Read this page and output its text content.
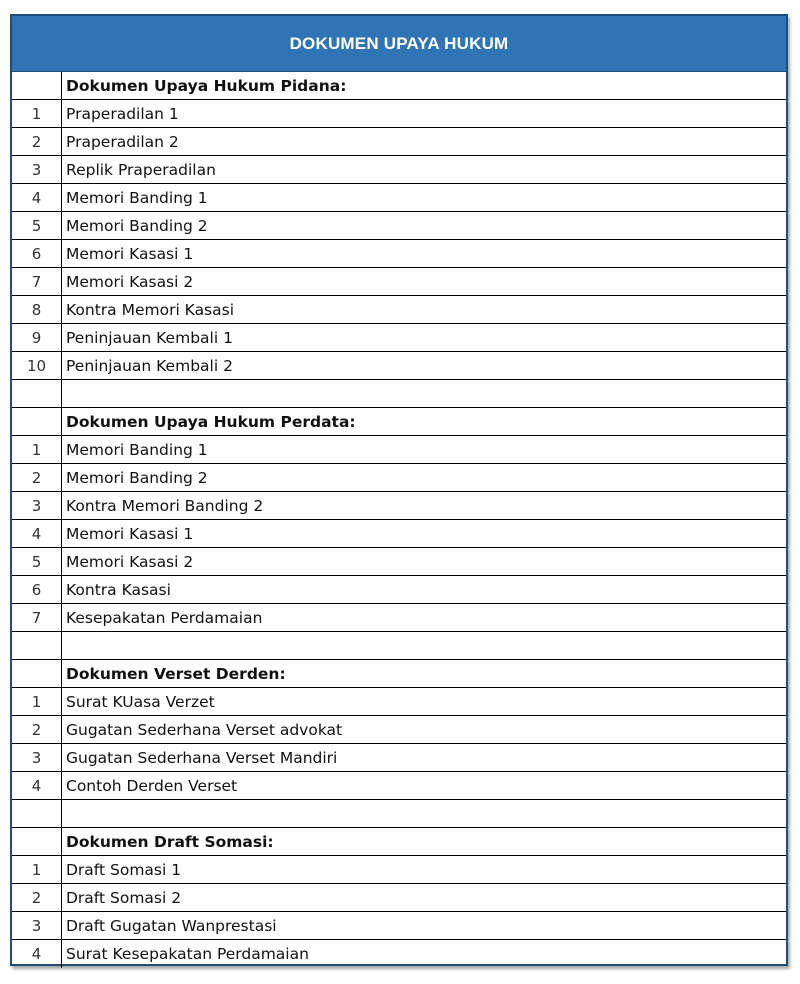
DOKUMEN UPAYA HUKUM
Dokumen Upaya Hukum Pidana:
1	Praperadilan 1
2	Praperadilan 2
3	Replik Praperadilan
4	Memori Banding 1
5	Memori Banding 2
6	Memori Kasasi 1
7	Memori Kasasi 2
8	Kontra Memori Kasasi
9	Peninjauan Kembali 1
10	Peninjauan Kembali 2
Dokumen Upaya Hukum Perdata:
1	Memori Banding 1
2	Memori Banding 2
3	Kontra Memori Banding 2
4	Memori Kasasi 1
5	Memori Kasasi 2
6	Kontra Kasasi
7	Kesepakatan Perdamaian
Dokumen Verset Derden:
1	Surat KUasa Verzet
2	Gugatan Sederhana Verset advokat
3	Gugatan Sederhana Verset Mandiri
4	Contoh Derden Verset
Dokumen Draft Somasi:
1	Draft Somasi 1
2	Draft Somasi 2
3	Draft Gugatan Wanprestasi
4	Surat Kesepakatan Perdamaian
